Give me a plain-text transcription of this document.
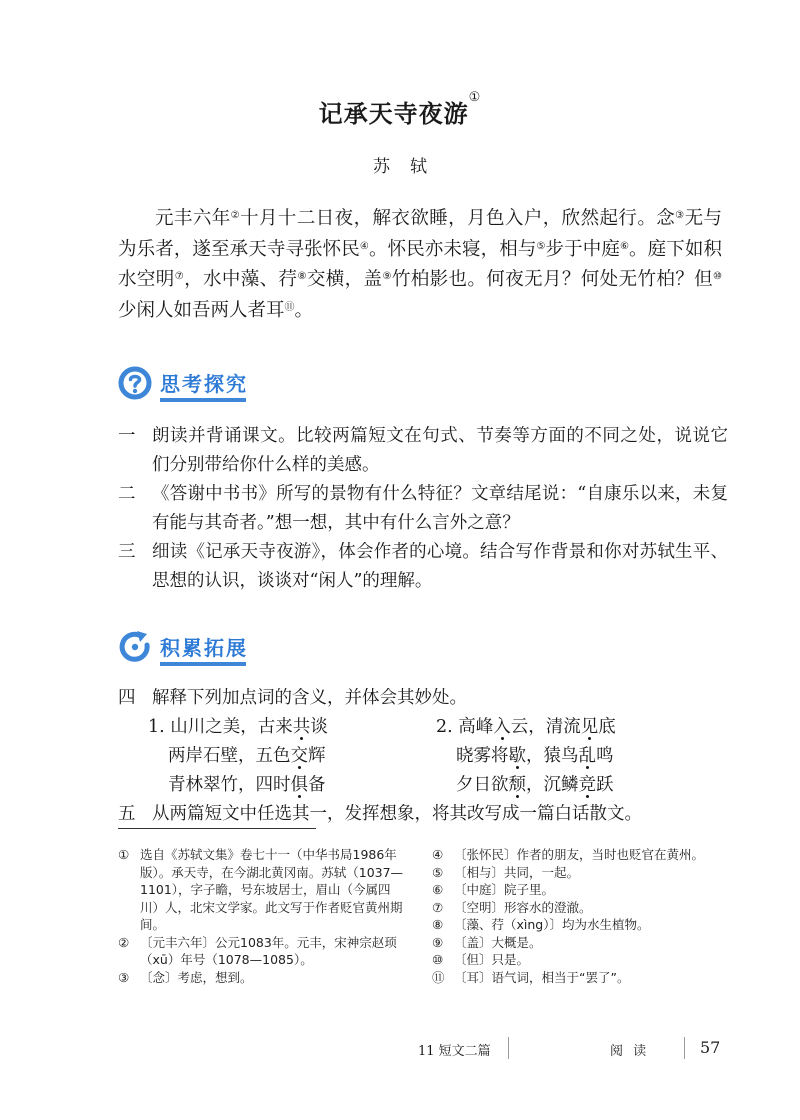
记承天寺夜游①
苏轼
元丰六年②十月十二日夜，解衣欲睡，月色入户，欣然起行。念③无与为乐者，遂至承天寺寻张怀民④。怀民亦未寝，相与⑤步于中庭⑥。庭下如积水空明⑦，水中藻、荇⑧交横，盖⑨竹柏影也。何夜无月？何处无竹柏？但⑩少闲人如吾两人者耳⑪。
思考探究
一 朗读并背诵课文。比较两篇短文在句式、节奏等方面的不同之处，说说它们分别带给你什么样的美感。
二 《答谢中书书》所写的景物有什么特征？文章结尾说：“自康乐以来，未复有能与其奇者。”想一想，其中有什么言外之意？
三 细读《记承天寺夜游》，体会作者的心境。结合写作背景和你对苏轼生平、思想的认识，谈谈对“闲人”的理解。
积累拓展
四 解释下列加点词的含义，并体会其妙处。
1. 山川之美，古来共谈
两岸石壁，五色交辉
青林翠竹，四时俱备
2. 高峰入云，清流见底
晓雾将歇，猿鸟乱鸣
夕日欲颓，沉鳞竞跃
五 从两篇短文中任选其一，发挥想象，将其改写成一篇白话散文。
① 选自《苏轼文集》卷七十一（中华书局1986年版）。承天寺，在今湖北黄冈南。苏轼（1037—1101），字子瞻，号东坡居士，眉山（今属四川）人，北宋文学家。此文写于作者贬官黄州期间。
② 〔元丰六年〕公元1083年。元丰，宋神宗赵顼（xū）年号（1078—1085）。
③ 〔念〕考虑，想到。
④ 〔张怀民〕作者的朋友，当时也贬官在黄州。
⑤ 〔相与〕共同，一起。
⑥ 〔中庭〕院子里。
⑦ 〔空明〕形容水的澄澈。
⑧ 〔藻、荇（xìng）〕均为水生植物。
⑨ 〔盖〕大概是。
⑩ 〔但〕只是。
⑪ 〔耳〕语气词，相当于“罢了”。
11 短文二篇	阅 读	57
